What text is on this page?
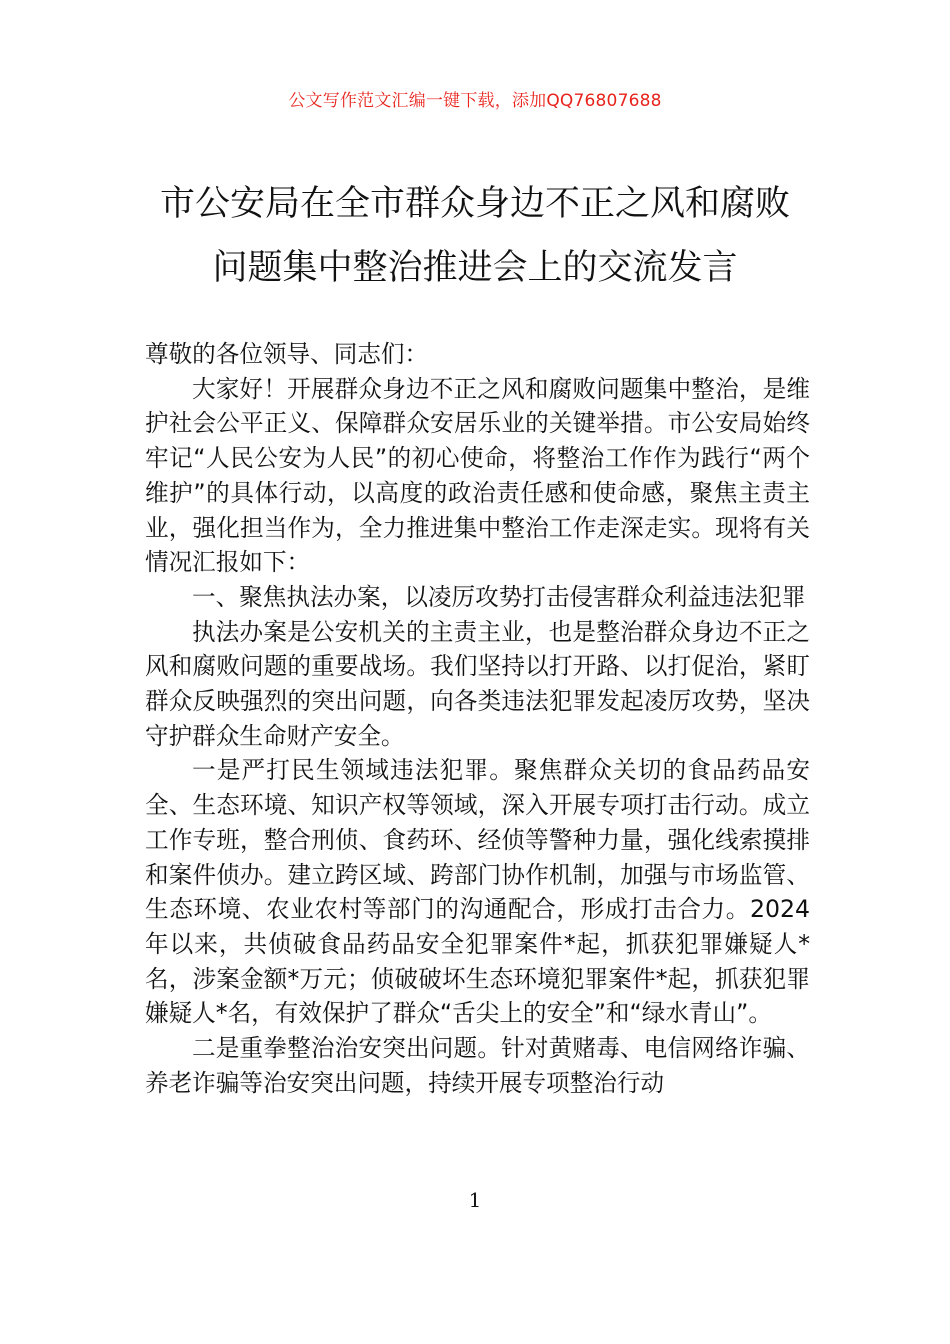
公文写作范文汇编一键下载，添加QQ76807688
市公安局在全市群众身边不正之风和腐败
问题集中整治推进会上的交流发言

尊敬的各位领导、同志们：

大家好！开展群众身边不正之风和腐败问题集中整治，是维护社会公平正义、保障群众安居乐业的关键举措。市公安局始终牢记“人民公安为人民”的初心使命，将整治工作作为践行“两个维护”的具体行动，以高度的政治责任感和使命感，聚焦主责主业，强化担当作为，全力推进集中整治工作走深走实。现将有关情况汇报如下：

一、聚焦执法办案，以凌厉攻势打击侵害群众利益违法犯罪

执法办案是公安机关的主责主业，也是整治群众身边不正之风和腐败问题的重要战场。我们坚持以打开路、以打促治，紧盯群众反映强烈的突出问题，向各类违法犯罪发起凌厉攻势，坚决守护群众生命财产安全。

一是严打民生领域违法犯罪。聚焦群众关切的食品药品安全、生态环境、知识产权等领域，深入开展专项打击行动。成立工作专班，整合刑侦、食药环、经侦等警种力量，强化线索摸排和案件侦办。建立跨区域、跨部门协作机制，加强与市场监管、生态环境、农业农村等部门的沟通配合，形成打击合力。2024年以来，共侦破食品药品安全犯罪案件*起，抓获犯罪嫌疑人*名，涉案金额*万元；侦破破坏生态环境犯罪案件*起，抓获犯罪嫌疑人*名，有效保护了群众“舌尖上的安全”和“绿水青山”。

二是重拳整治治安突出问题。针对黄赌毒、电信网络诈骗、养老诈骗等治安突出问题，持续开展专项整治行动

1
